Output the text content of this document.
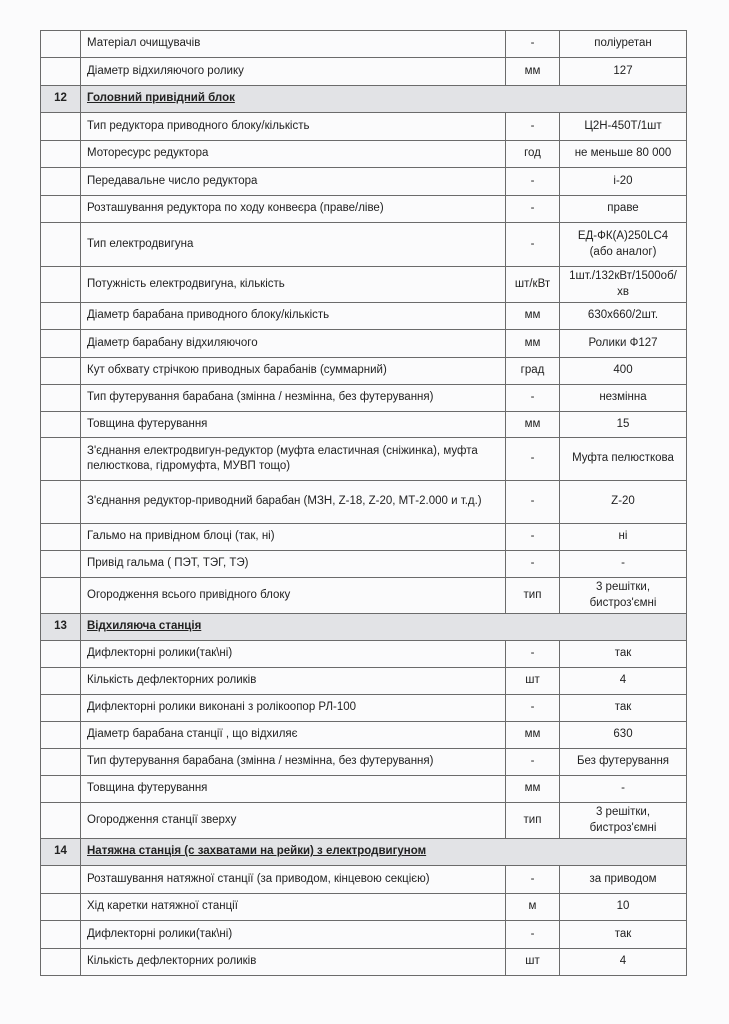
	Матеріал очищувачів	-	поліуретан
	Діаметр відхиляючого ролику	мм	127
12	Головний привідний блок		
	Тип редуктора приводного блоку/кількість	-	Ц2Н-450Т/1шт
	Моторесурс редуктора	год	не меньше 80 000
	Передавальне число редуктора	-	і-20
	Розташування редуктора по ходу конвеєра (праве/ліве)	-	праве
	Тип електродвигуна	-	ЕД-ФК(А)250LC4 (або аналог)
	Потужність електродвигуна, кількість	шт/кВт	1шт./132кВт/1500об/хв
	Діаметр барабана приводного блоку/кількість	мм	630х660/2шт.
	Діаметр барабану відхиляючого	мм	Ролики Ф127
	Кут обхвату стрічкою приводных барабанів (суммарний)	град	400
	Тип футерування барабана (змінна / незмінна, без футерування)	-	незмінна
	Товщина футерування	мм	15
	З'єднання електродвигун-редуктор (муфта еластичная (сніжинка), муфта пелюсткова, гідромуфта, МУВП тощо)	-	Муфта пелюсткова
	З'єднання редуктор-приводний барабан (МЗН, Z-18, Z-20, МТ-2.000 и т.д.)	-	Z-20
	Гальмо на привідном блоці (так, ні)	-	ні
	Привід гальма ( ПЭТ, ТЭГ, ТЭ)	-	-
	Огородження всього привідного блоку	тип	3 решітки, бистроз'ємні
13	Відхиляюча станція		
	Дифлекторні ролики(так\ні)	-	так
	Кількість дефлекторних роликів	шт	4
	Дифлекторні ролики виконані з ролікоопор РЛ-100	-	так
	Діаметр барабана станції , що відхиляє	мм	630
	Тип футерування барабана (змінна / незмінна, без футерування)	-	Без футерування
	Товщина футерування	мм	-
	Огородження станції зверху	тип	3 решітки, бистроз'ємні
14	Натяжна станція (с захватами на рейки) з електродвигуном		
	Розташування натяжної станції (за приводом, кінцевою секцією)	-	за приводом
	Хід каретки натяжної станції	м	10
	Дифлекторні ролики(так\ні)	-	так
	Кількість дефлекторних роликів	шт	4
